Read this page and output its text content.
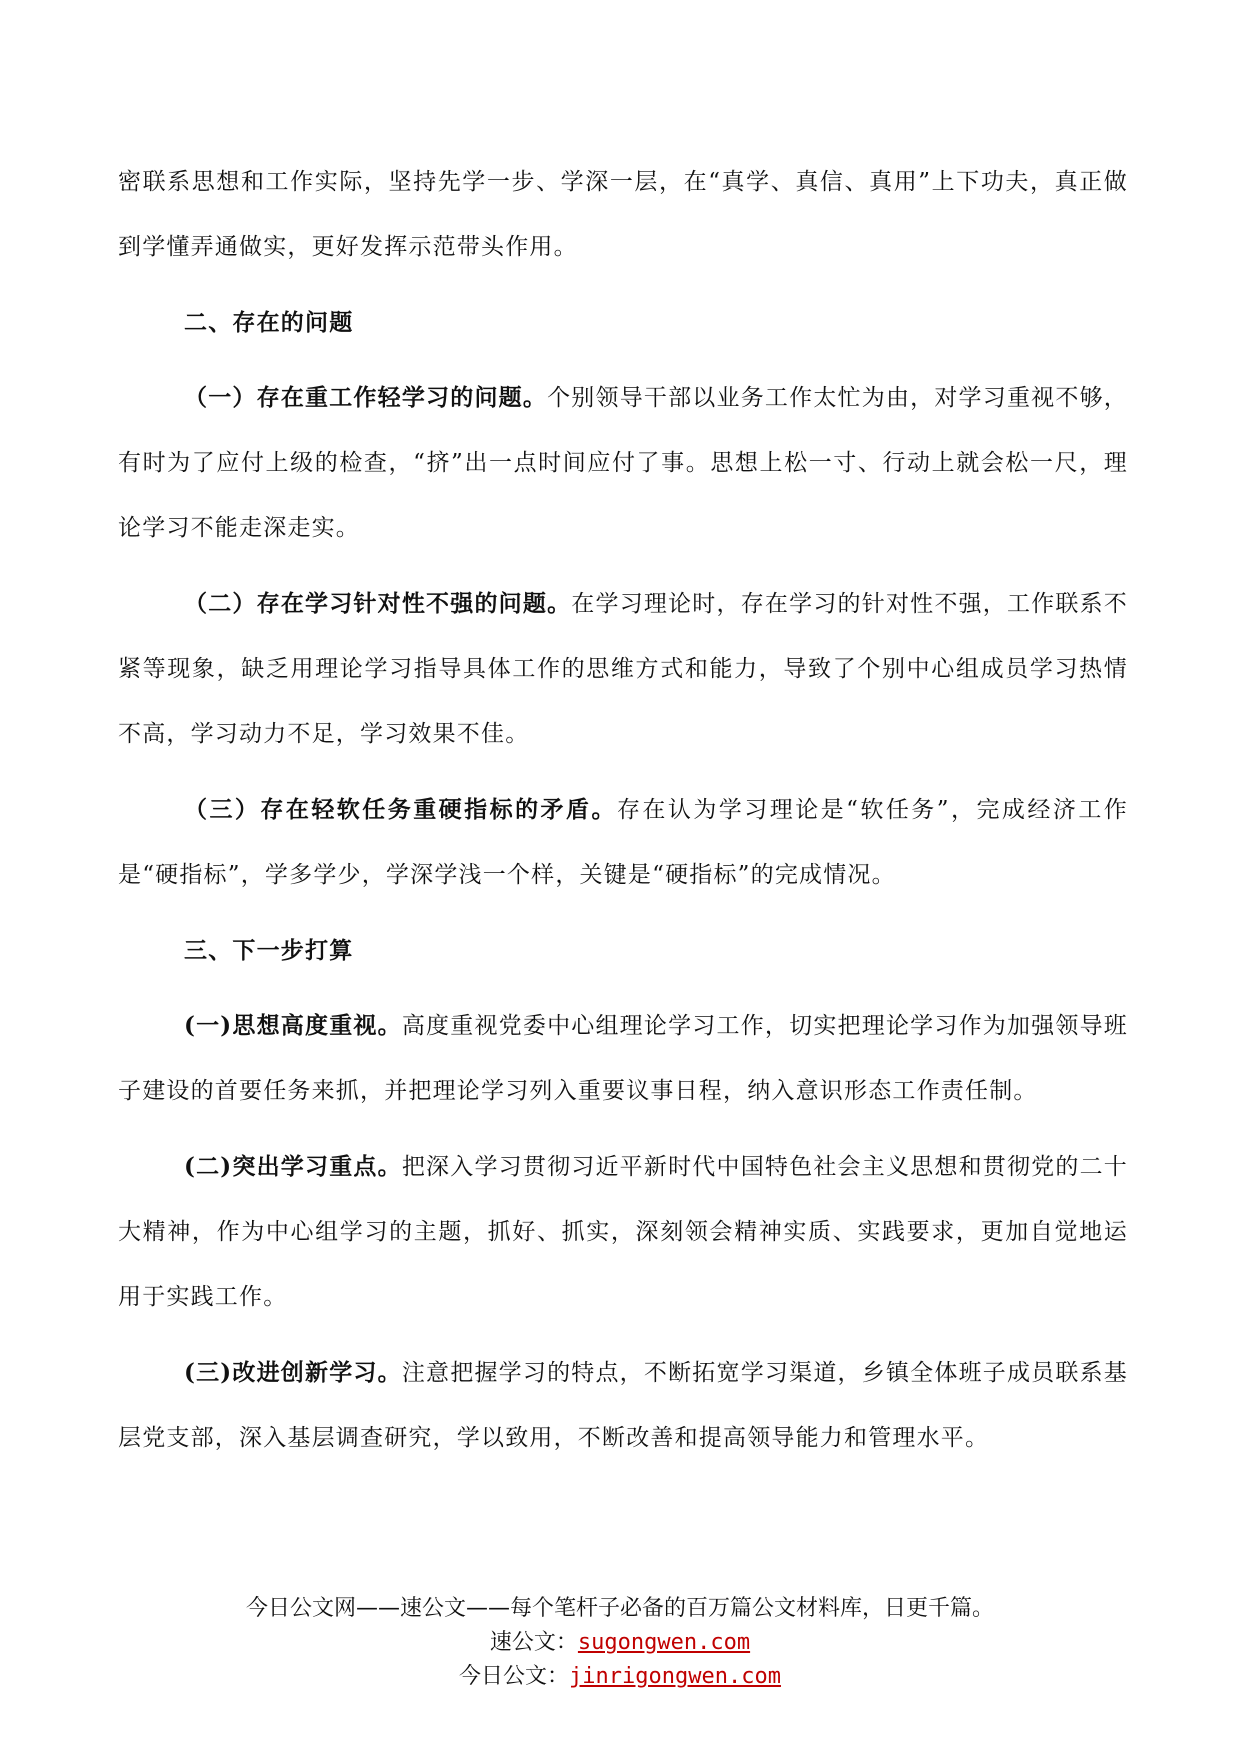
密联系思想和工作实际，坚持先学一步、学深一层，在“真学、真信、真用”上下功夫，真正做到学懂弄通做实，更好发挥示范带头作用。

二、存在的问题

（一）存在重工作轻学习的问题。个别领导干部以业务工作太忙为由，对学习重视不够，有时为了应付上级的检查，“挤”出一点时间应付了事。思想上松一寸、行动上就会松一尺，理论学习不能走深走实。

（二）存在学习针对性不强的问题。在学习理论时，存在学习的针对性不强，工作联系不紧等现象，缺乏用理论学习指导具体工作的思维方式和能力，导致了个别中心组成员学习热情不高，学习动力不足，学习效果不佳。

（三）存在轻软任务重硬指标的矛盾。存在认为学习理论是“软任务”，完成经济工作是“硬指标”，学多学少，学深学浅一个样，关键是“硬指标”的完成情况。

三、下一步打算

(一)思想高度重视。高度重视党委中心组理论学习工作，切实把理论学习作为加强领导班子建设的首要任务来抓，并把理论学习列入重要议事日程，纳入意识形态工作责任制。

(二)突出学习重点。把深入学习贯彻习近平新时代中国特色社会主义思想和贯彻党的二十大精神，作为中心组学习的主题，抓好、抓实，深刻领会精神实质、实践要求，更加自觉地运用于实践工作。

(三)改进创新学习。注意把握学习的特点，不断拓宽学习渠道，乡镇全体班子成员联系基层党支部，深入基层调查研究，学以致用，不断改善和提高领导能力和管理水平。

今日公文网——速公文——每个笔杆子必备的百万篇公文材料库，日更千篇。
速公文：sugongwen.com
今日公文：jinrigongwen.com
